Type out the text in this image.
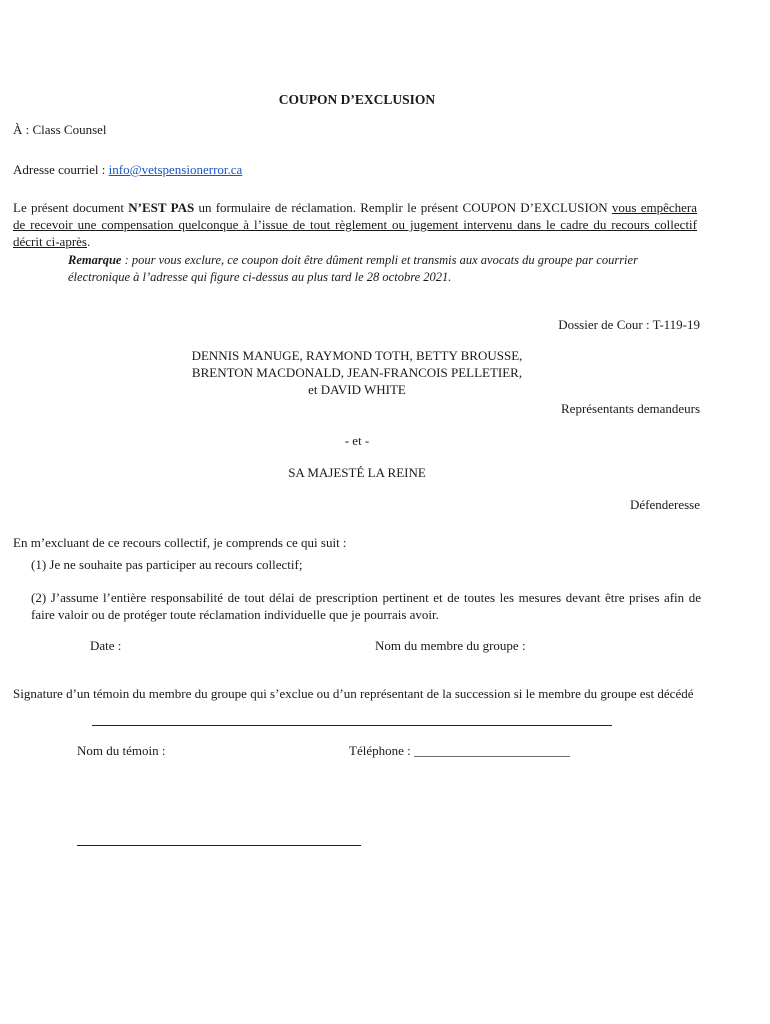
COUPON D’EXCLUSION
À : Class Counsel
Adresse courriel : info@vetspensionerror.ca
Le présent document N’EST PAS un formulaire de réclamation. Remplir le présent COUPON D’EXCLUSION vous empêchera de recevoir une compensation quelconque à l’issue de tout règlement ou jugement intervenu dans le cadre du recours collectif décrit ci-après.
Remarque : pour vous exclure, ce coupon doit être dûment rempli et transmis aux avocats du groupe par courrier électronique à l’adresse qui figure ci-dessus au plus tard le 28 octobre 2021.
Dossier de Cour : T-119-19
DENNIS MANUGE, RAYMOND TOTH, BETTY BROUSSE,
BRENTON MACDONALD, JEAN-FRANCOIS PELLETIER,
et DAVID WHITE
Représentants demandeurs
- et -
SA MAJESTÉ LA REINE
Défenderesse
En m’excluant de ce recours collectif, je comprends ce qui suit :
(1) Je ne souhaite pas participer au recours collectif;
(2) J’assume l’entière responsabilité de tout délai de prescription pertinent et de toutes les mesures devant être prises afin de faire valoir ou de protéger toute réclamation individuelle que je pourrais avoir.
Date :	Nom du membre du groupe :
Signature d’un témoin du membre du groupe qui s’exclue ou d’un représentant de la succession si le membre du groupe est décédé
Nom du témoin :	Téléphone : ________________________
